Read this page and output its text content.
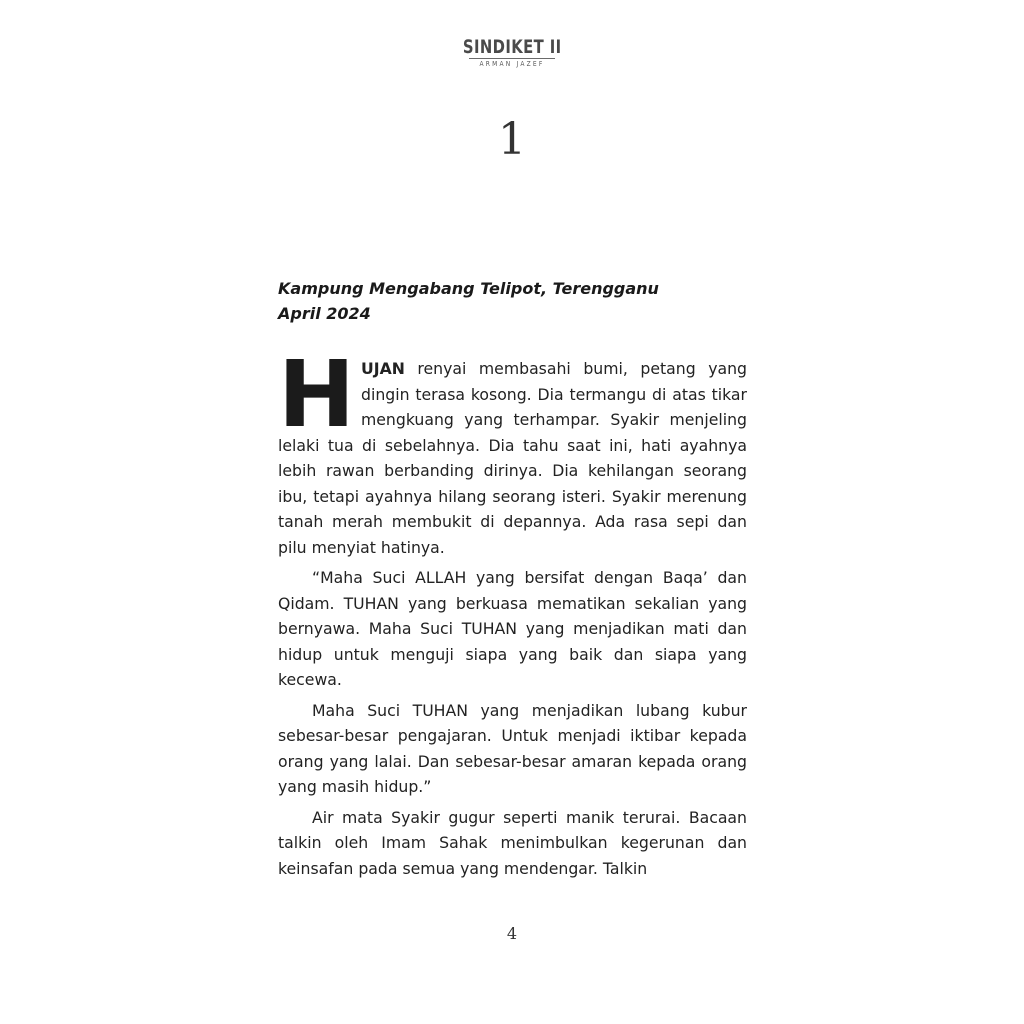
SINDIKET II
ARMAN JAZEF
1
Kampung Mengabang Telipot, Terengganu
April 2024

HUJAN renyai membasahi bumi, petang yang dingin terasa kosong. Dia termangu di atas tikar mengkuang yang terhampar. Syakir menjeling lelaki tua di sebelahnya. Dia tahu saat ini, hati ayahnya lebih rawan berbanding dirinya. Dia kehilangan seorang ibu, tetapi ayahnya hilang seorang isteri. Syakir merenung tanah merah membukit di depannya. Ada rasa sepi dan pilu menyiat hatinya.

“Maha Suci ALLAH yang bersifat dengan Baqa’ dan Qidam. TUHAN yang berkuasa mematikan sekalian yang bernyawa. Maha Suci TUHAN yang menjadikan mati dan hidup untuk menguji siapa yang baik dan siapa yang kecewa.

Maha Suci TUHAN yang menjadikan lubang kubur sebesar-besar pengajaran. Untuk menjadi iktibar kepada orang yang lalai. Dan sebesar-besar amaran kepada orang yang masih hidup.”

Air mata Syakir gugur seperti manik terurai. Bacaan talkin oleh Imam Sahak menimbulkan kegerunan dan keinsafan pada semua yang mendengar. Talkin

4
